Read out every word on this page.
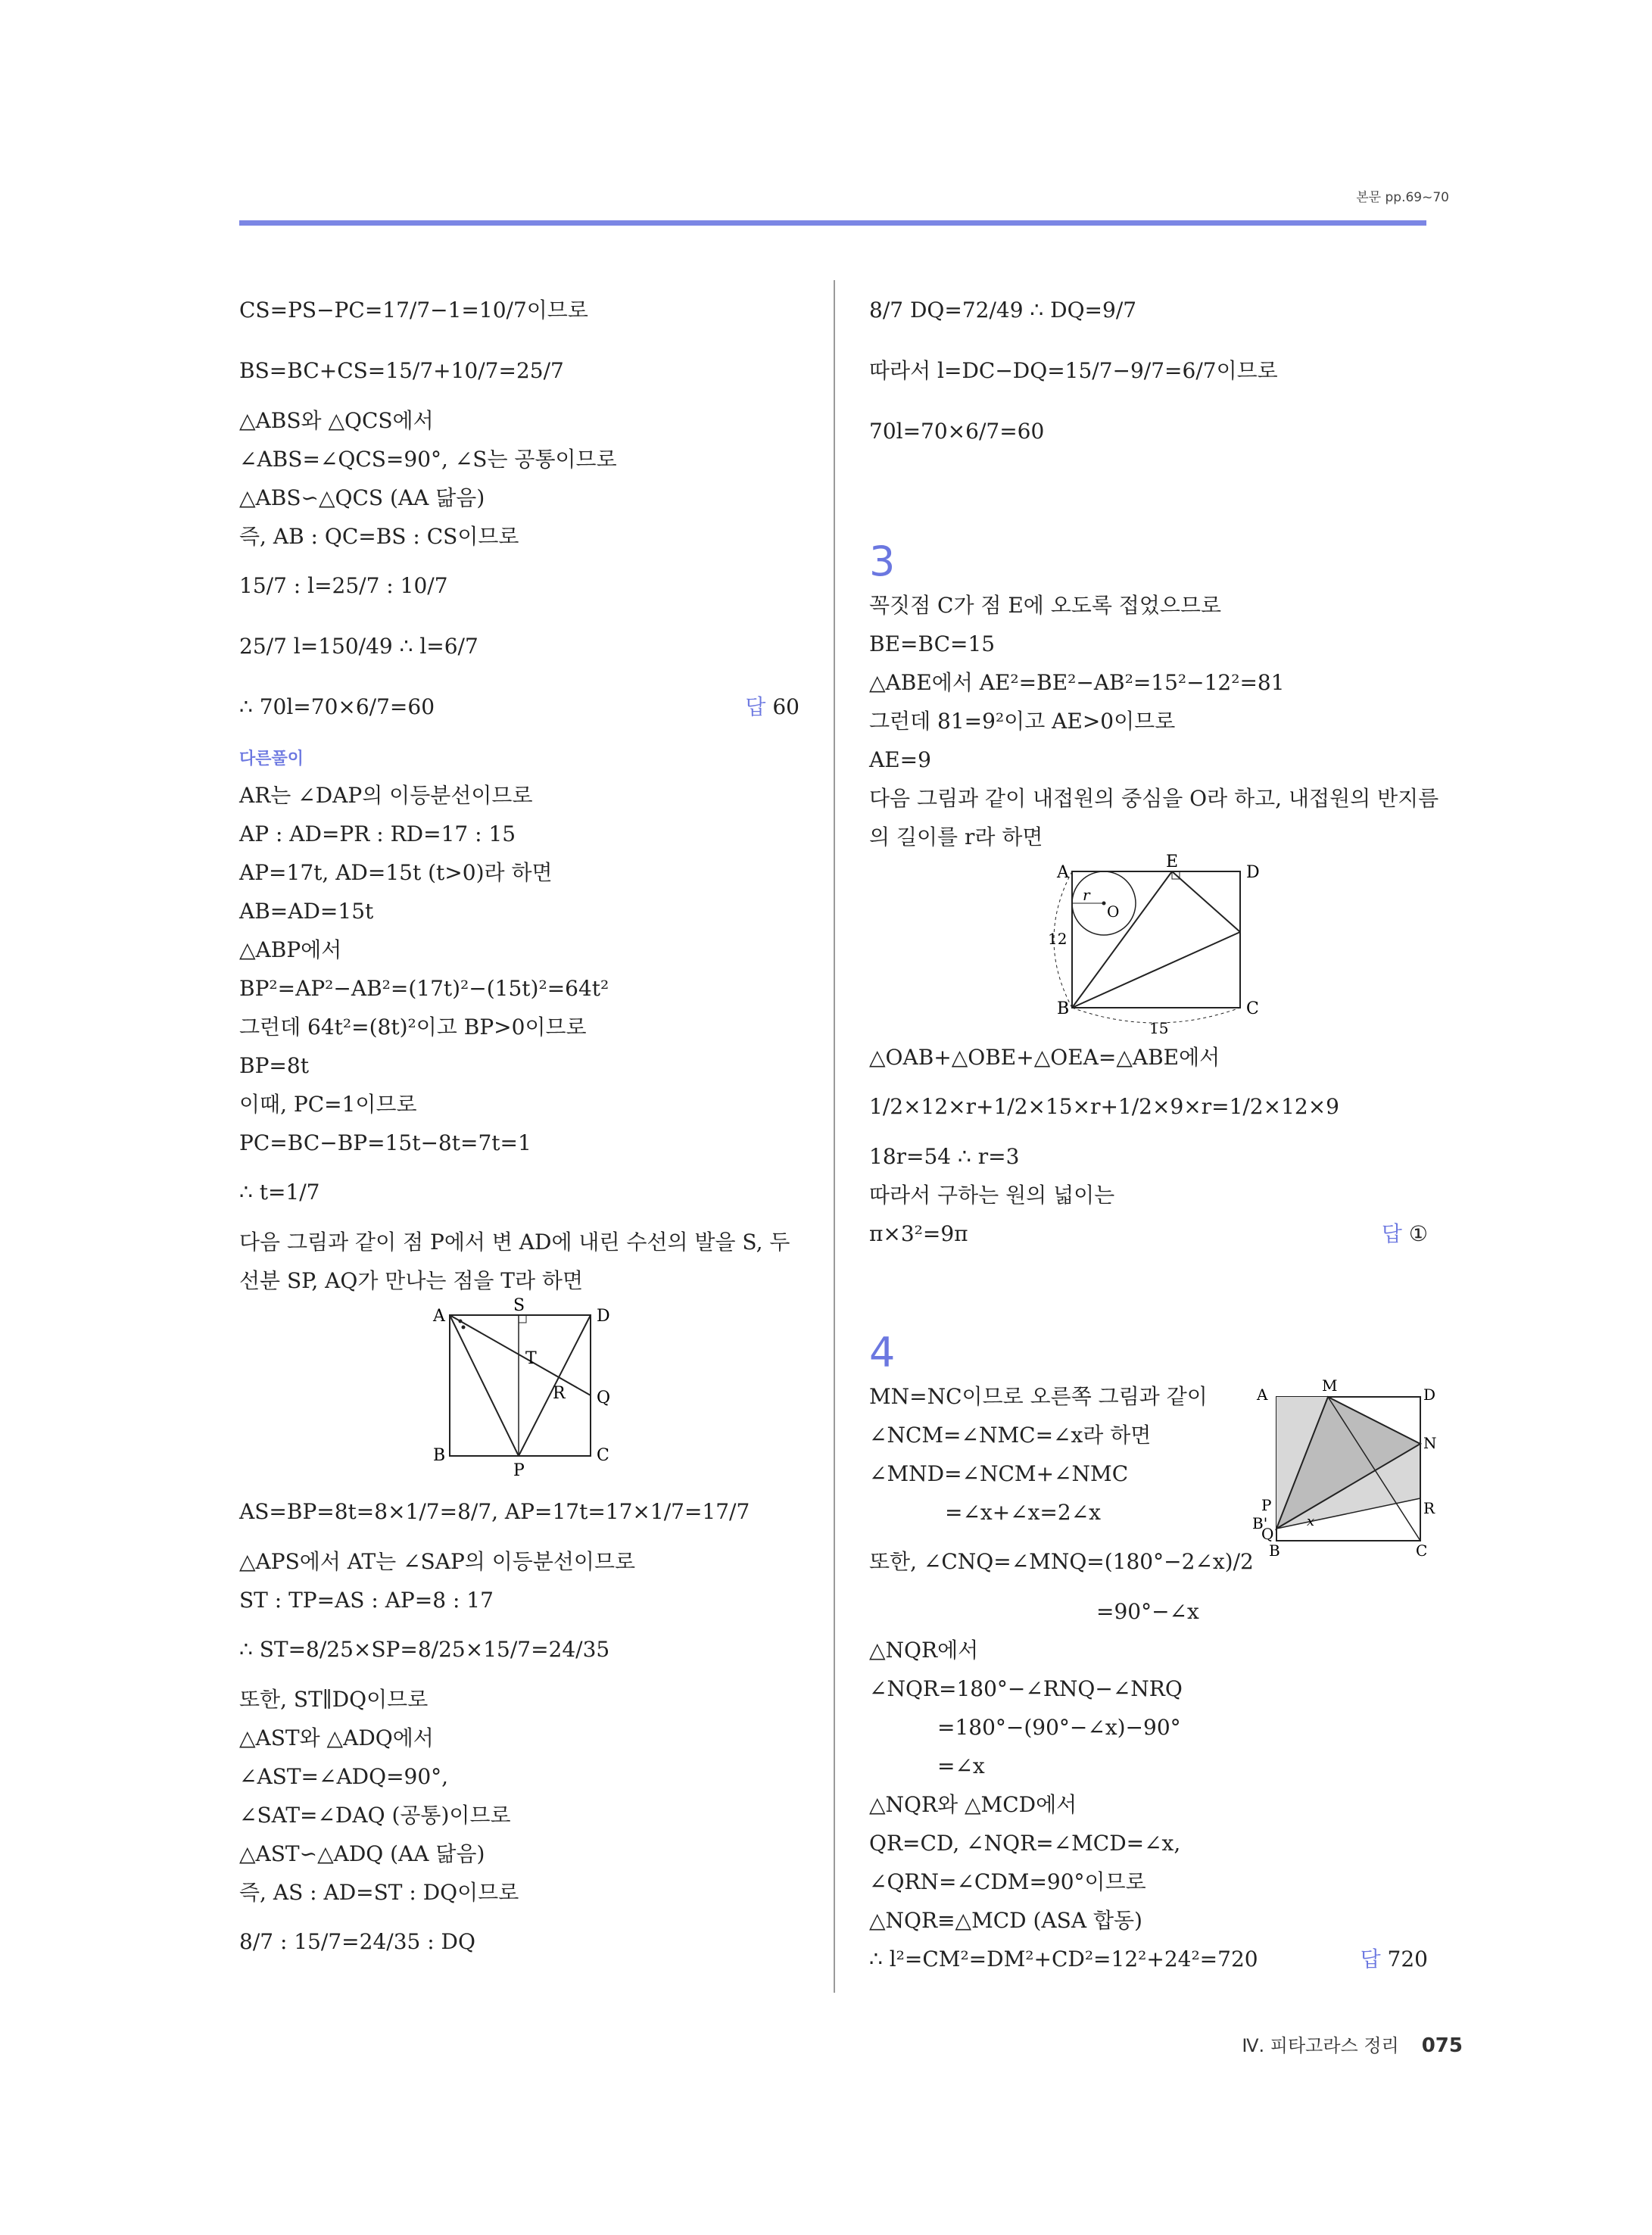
본문 pp.69~70
CS=PS−PC=17/7−1=10/7이므로
BS=BC+CS=15/7+10/7=25/7
△ABS와 △QCS에서
∠ABS=∠QCS=90°, ∠S는 공통이므로
△ABS∽△QCS (AA 닮음)
즉, AB : QC=BS : CS이므로
15/7 : l=25/7 : 10/7
25/7 l=150/49 ∴ l=6/7
∴ 70l=70×6/7=60	답 60
다른풀이
AR는 ∠DAP의 이등분선이므로
AP : AD=PR : RD=17 : 15
AP=17t, AD=15t (t>0)라 하면
AB=AD=15t
△ABP에서
BP²=AP²−AB²=(17t)²−(15t)²=64t²
그런데 64t²=(8t)²이고 BP>0이므로
BP=8t
이때, PC=1이므로
PC=BC−BP=15t−8t=7t=1
∴ t=1/7
다음 그림과 같이 점 P에서 변 AD에 내린 수선의 발을 S, 두
선분 SP, AQ가 만나는 점을 T라 하면
A
S
D
T
R Q
B
P
C
AS=BP=8t=8×1/7=8/7, AP=17t=17×1/7=17/7
△APS에서 AT는 ∠SAP의 이등분선이므로
ST : TP=AS : AP=8 : 17
∴ ST=8/25×SP=8/25×15/7=24/35
또한, ST∥DQ이므로
△AST와 △ADQ에서
∠AST=∠ADQ=90°,
∠SAT=∠DAQ (공통)이므로
△AST∽△ADQ (AA 닮음)
즉, AS : AD=ST : DQ이므로
8/7 : 15/7=24/35 : DQ
8/7 DQ=72/49 ∴ DQ=9/7
따라서 l=DC−DQ=15/7−9/7=6/7이므로
70l=70×6/7=60
3
꼭짓점 C가 점 E에 오도록 접었으므로
BE=BC=15
△ABE에서 AE²=BE²−AB²=15²−12²=81
그런데 81=9²이고 AE>0이므로
AE=9
다음 그림과 같이 내접원의 중심을 O라 하고, 내접원의 반지름
의 길이를 r라 하면
A
E
D
r
O
12
B	C
15
△OAB+△OBE+△OEA=△ABE에서
1/2×12×r+1/2×15×r+1/2×9×r=1/2×12×9
18r=54 ∴ r=3
따라서 구하는 원의 넓이는
π×3²=9π	답 ①
4
A	M	D
N
P
B'
Q
R
B	C
x
MN=NC이므로 오른쪽 그림과 같이
∠NCM=∠NMC=∠x라 하면
∠MND=∠NCM+∠NMC
=∠x+∠x=2∠x
또한, ∠CNQ=∠MNQ=(180°−2∠x)/2
=90°−∠x
△NQR에서
∠NQR=180°−∠RNQ−∠NRQ
=180°−(90°−∠x)−90°
=∠x
△NQR와 △MCD에서
QR=CD, ∠NQR=∠MCD=∠x,
∠QRN=∠CDM=90°이므로
△NQR≡△MCD (ASA 합동)
∴ l²=CM²=DM²+CD²=12²+24²=720	답 720
Ⅳ. 피타고라스 정리 075
